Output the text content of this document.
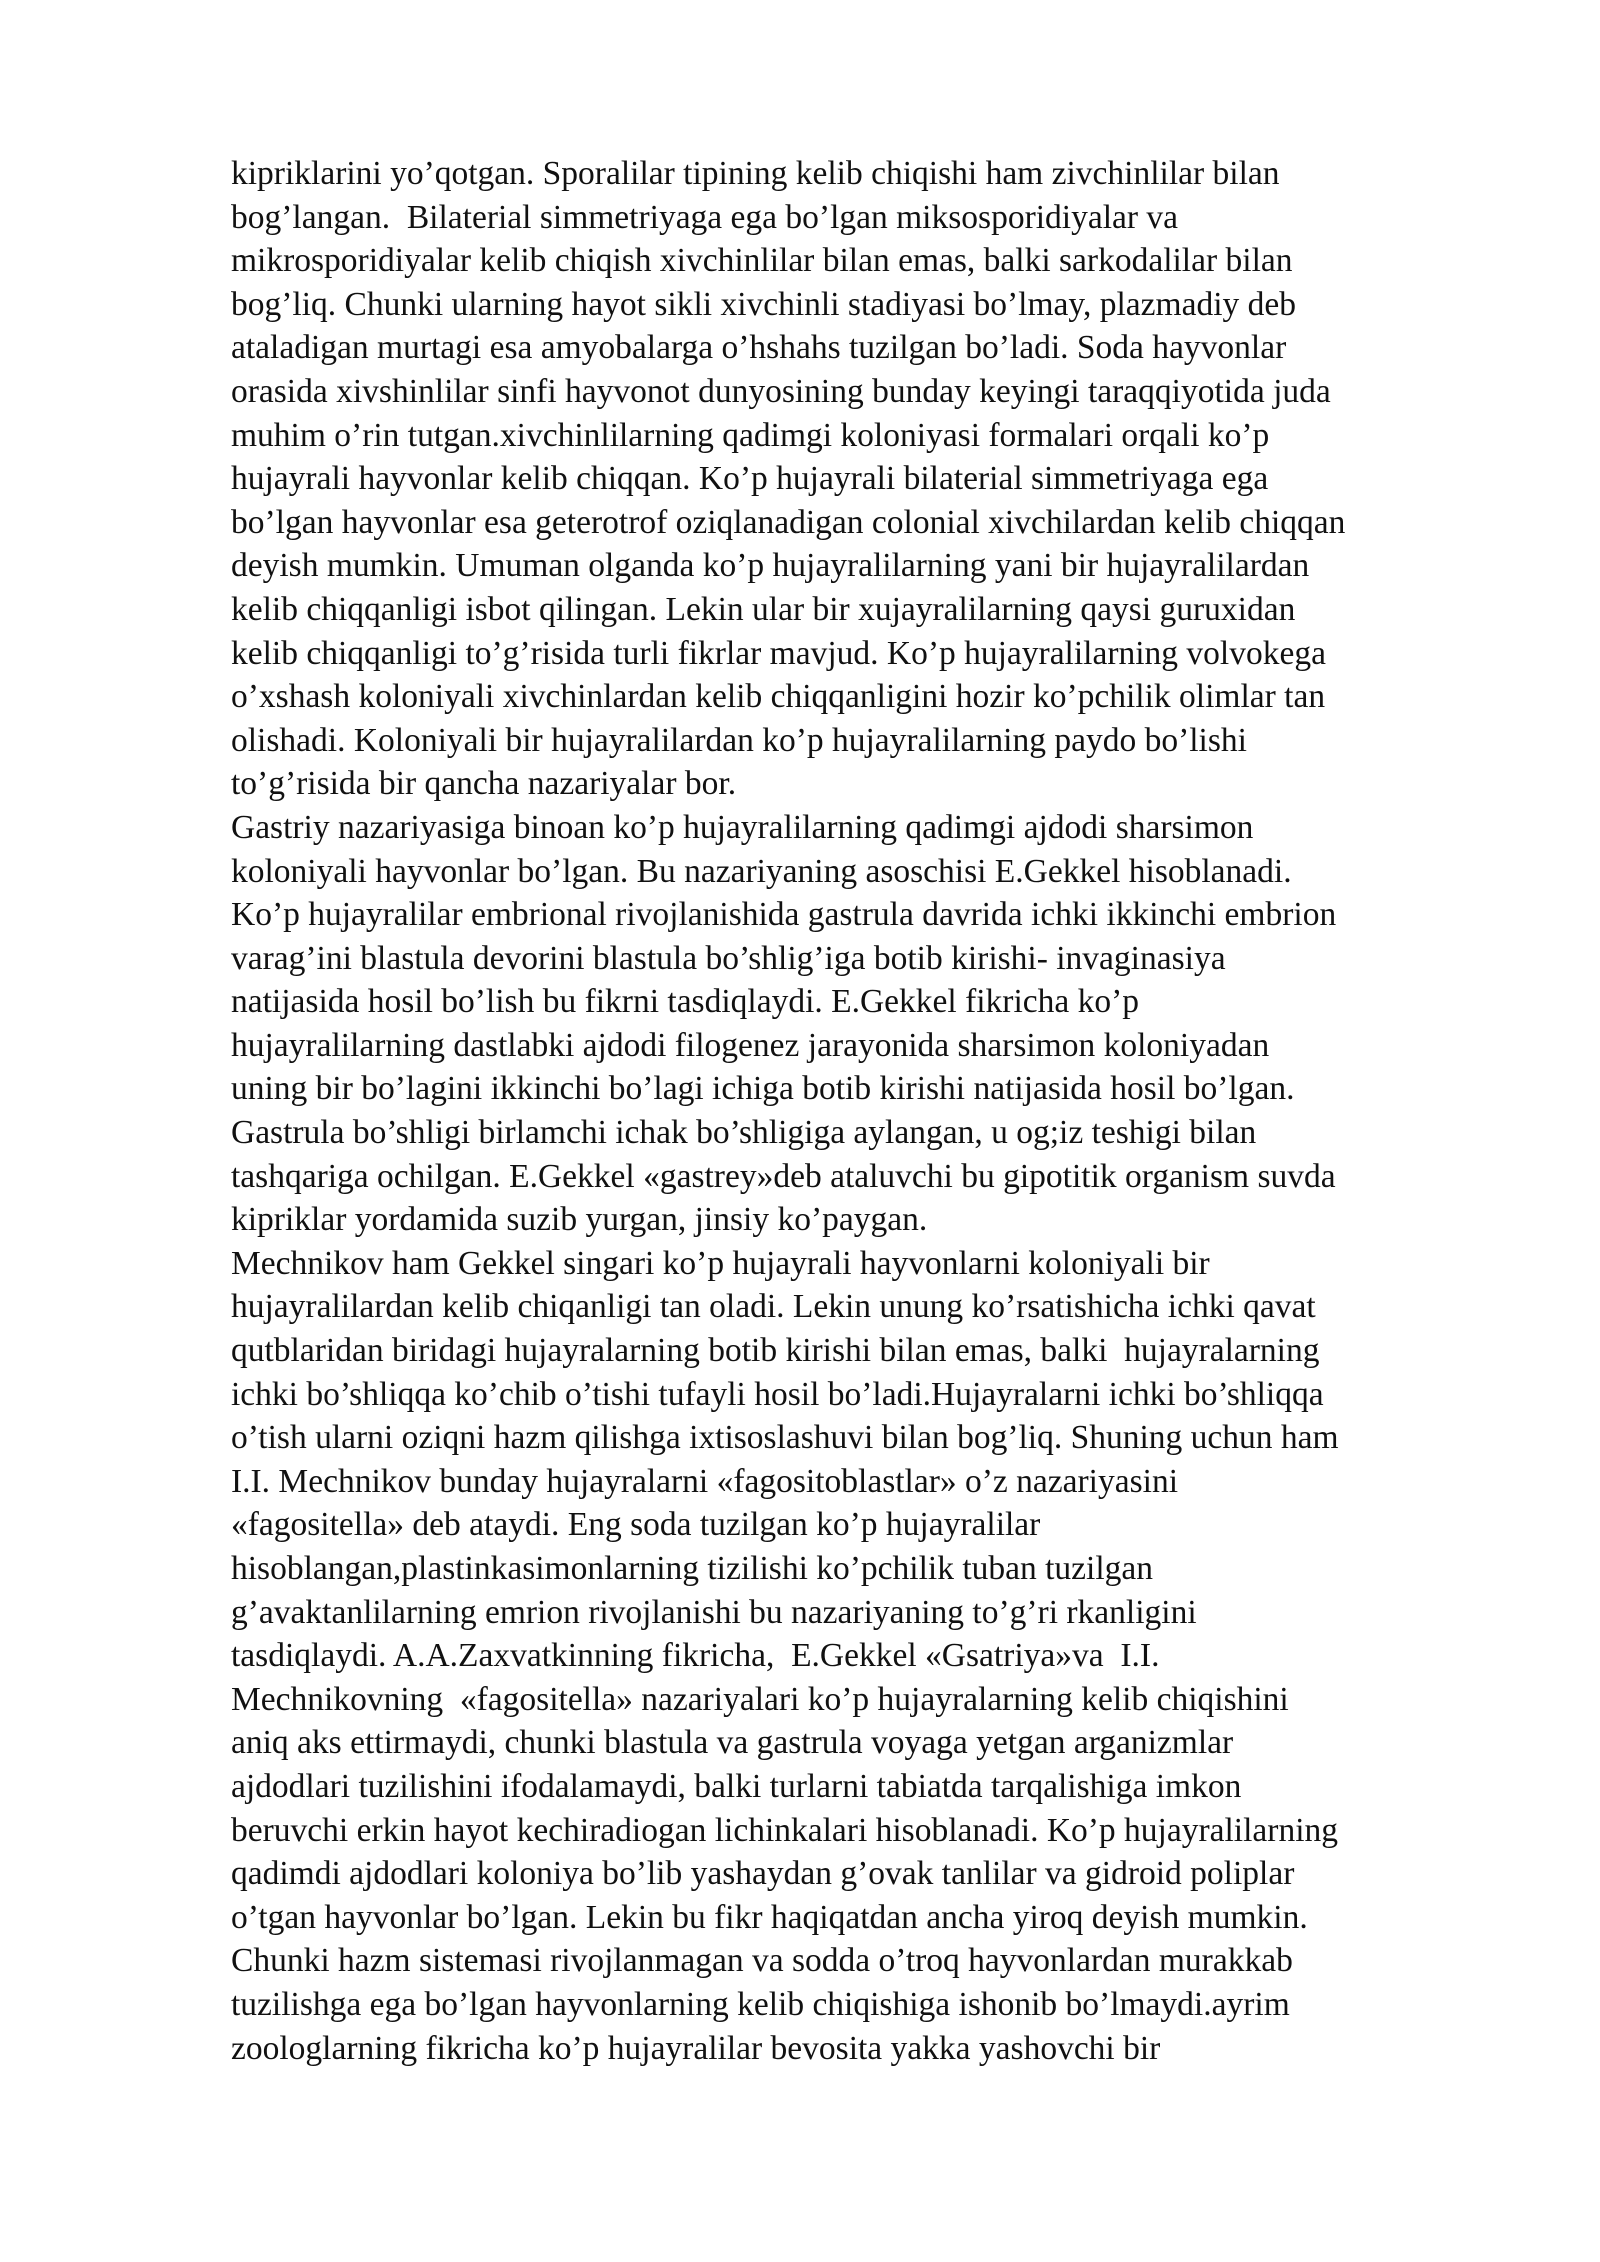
kipriklarini yo’qotgan. Sporalilar tipining kelib chiqishi ham zivchinlilar bilan
bog’langan.  Bilaterial simmetriyaga ega bo’lgan miksosporidiyalar va
mikrosporidiyalar kelib chiqish xivchinlilar bilan emas, balki sarkodalilar bilan
bog’liq. Chunki ularning hayot sikli xivchinli stadiyasi bo’lmay, plazmadiy deb
ataladigan murtagi esa amyobalarga o’hshahs tuzilgan bo’ladi. Soda hayvonlar
orasida xivshinlilar sinfi hayvonot dunyosining bunday keyingi taraqqiyotida juda
muhim o’rin tutgan.xivchinlilarning qadimgi koloniyasi formalari orqali ko’p
hujayrali hayvonlar kelib chiqqan. Ko’p hujayrali bilaterial simmetriyaga ega
bo’lgan hayvonlar esa geterotrof oziqlanadigan colonial xivchilardan kelib chiqqan
deyish mumkin. Umuman olganda ko’p hujayralilarning yani bir hujayralilardan
kelib chiqqanligi isbot qilingan. Lekin ular bir xujayralilarning qaysi guruxidan
kelib chiqqanligi to’g’risida turli fikrlar mavjud. Ko’p hujayralilarning volvokega
o’xshash koloniyali xivchinlardan kelib chiqqanligini hozir ko’pchilik olimlar tan
olishadi. Koloniyali bir hujayralilardan ko’p hujayralilarning paydo bo’lishi
to’g’risida bir qancha nazariyalar bor.
Gastriy nazariyasiga binoan ko’p hujayralilarning qadimgi ajdodi sharsimon
koloniyali hayvonlar bo’lgan. Bu nazariyaning asoschisi E.Gekkel hisoblanadi.
Ko’p hujayralilar embrional rivojlanishida gastrula davrida ichki ikkinchi embrion
varag’ini blastula devorini blastula bo’shlig’iga botib kirishi- invaginasiya
natijasida hosil bo’lish bu fikrni tasdiqlaydi. E.Gekkel fikricha ko’p
hujayralilarning dastlabki ajdodi filogenez jarayonida sharsimon koloniyadan
uning bir bo’lagini ikkinchi bo’lagi ichiga botib kirishi natijasida hosil bo’lgan.
Gastrula bo’shligi birlamchi ichak bo’shligiga aylangan, u og;iz teshigi bilan
tashqariga ochilgan. E.Gekkel «gastrey»deb ataluvchi bu gipotitik organism suvda
kipriklar yordamida suzib yurgan, jinsiy ko’paygan.
Mechnikov ham Gekkel singari ko’p hujayrali hayvonlarni koloniyali bir
hujayralilardan kelib chiqanligi tan oladi. Lekin unung ko’rsatishicha ichki qavat
qutblaridan biridagi hujayralarning botib kirishi bilan emas, balki  hujayralarning
ichki bo’shliqqa ko’chib o’tishi tufayli hosil bo’ladi.Hujayralarni ichki bo’shliqqa
o’tish ularni oziqni hazm qilishga ixtisoslashuvi bilan bog’liq. Shuning uchun ham
I.I. Mechnikov bunday hujayralarni «fagositoblastlar» o’z nazariyasini
«fagositella» deb ataydi. Eng soda tuzilgan ko’p hujayralilar
hisoblangan,plastinkasimonlarning tizilishi ko’pchilik tuban tuzilgan
g’avaktanlilarning emrion rivojlanishi bu nazariyaning to’g’ri rkanligini
tasdiqlaydi. A.A.Zaxvatkinning fikricha,  E.Gekkel «Gsatriya»va  I.I.
Mechnikovning  «fagositella» nazariyalari ko’p hujayralarning kelib chiqishini
aniq aks ettirmaydi, chunki blastula va gastrula voyaga yetgan arganizmlar
ajdodlari tuzilishini ifodalamaydi, balki turlarni tabiatda tarqalishiga imkon
beruvchi erkin hayot kechiradiogan lichinkalari hisoblanadi. Ko’p hujayralilarning
qadimdi ajdodlari koloniya bo’lib yashaydan g’ovak tanlilar va gidroid poliplar
o’tgan hayvonlar bo’lgan. Lekin bu fikr haqiqatdan ancha yiroq deyish mumkin.
Chunki hazm sistemasi rivojlanmagan va sodda o’troq hayvonlardan murakkab
tuzilishga ega bo’lgan hayvonlarning kelib chiqishiga ishonib bo’lmaydi.ayrim
zoologlarning fikricha ko’p hujayralilar bevosita yakka yashovchi bir
